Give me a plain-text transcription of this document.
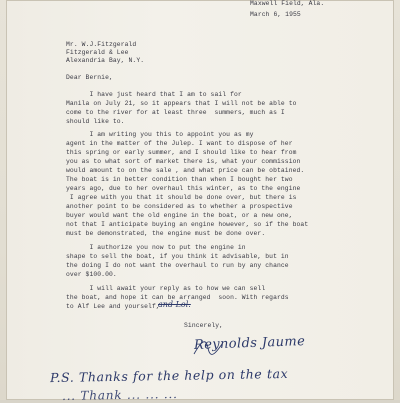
Maxwell Field, Ala.

March 6, 1955

Mr. W.J.Fitzgerald

Fitzgerald & Lee

Alexandria Bay, N.Y.

Dear Bernie,

I have just heard that I am to sail for

Manila on July 21, so it appears that I will not be able to

come to the river for at least three  summers, much as I

should like to.

I am writing you this to appoint you as my

agent in the matter of the Julep. I want to dispose of her

this spring or early summer, and I should like to hear from

you as to what sort of market there is, what your commission

would amount to on the sale , and what price can be obtained.

The boat is in better condition than when I bought her two

years ago, due to her overhaul this winter, as to the engine

I agree with you that it should be done over, but there is

another point to be considered as to whether a prospective

buyer would want the old engine in the boat, or a new one,

not that I anticipate buying an engine however, so if the boat

must be demonstrated, the engine must be done over.

I authorize you now to put the engine in

shape to sell the boat, if you think it advisable, but in

the doing I do not want the overhaul to run by any chance

over $100.00.

I will await your reply as to how we can sell

the boat, and hope it can be arranged  soon. With regards

to Alf Lee and yourself,

and Lol.

Sincerely,

Reynolds Jaume
P.S. Thanks for the help on the tax
... Thank ... ... ...
